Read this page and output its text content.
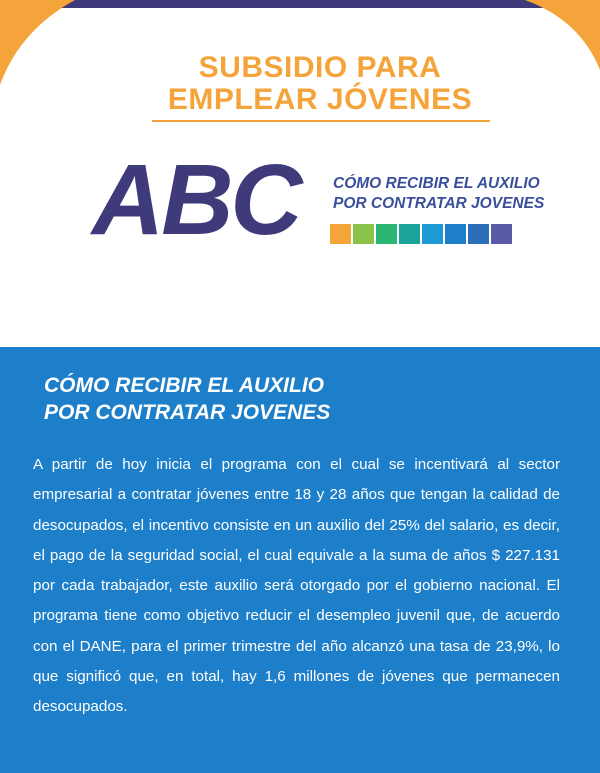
SUBSIDIO PARA
EMPLEAR JÓVENES
ABC CÓMO RECIBIR EL AUXILIO
POR CONTRATAR JOVENES
CÓMO RECIBIR EL AUXILIO
POR CONTRATAR JOVENES

A partir de hoy inicia el programa con el cual se incentivará al sector empresarial a contratar jóvenes entre 18 y 28 años que tengan la calidad de desocupados, el incentivo consiste en un auxilio del 25% del salario, es decir, el pago de la seguridad social, el cual equivale a la suma de años $ 227.131 por cada trabajador, este auxilio será otorgado por el gobierno nacional. El programa tiene como objetivo reducir el desempleo juvenil que, de acuerdo con el DANE, para el primer trimestre del año alcanzó una tasa de 23,9%, lo que significó que, en total, hay 1,6 millones de jóvenes que permanecen desocupados.
